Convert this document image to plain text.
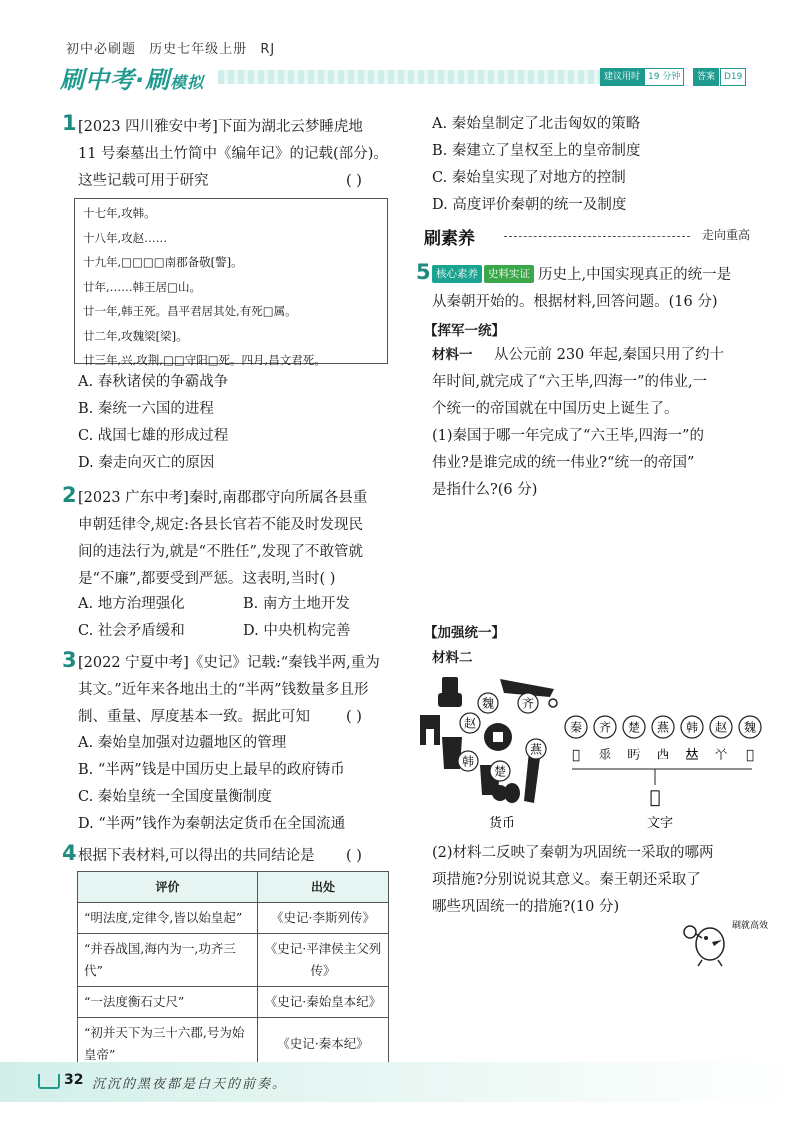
初中必刷题 历史七年级上册 RJ
刷中考·刷模拟	建议用时 19 分钟	答案 D19
1 [2023 四川雅安中考]下面为湖北云梦睡虎地
11 号秦墓出土竹简中《编年记》的记载(部分)。
这些记载可用于研究	( )
十七年,攻韩。
十八年,攻赵……
十九年,□□□□南郡备敬[警]。
廿年,……韩王居□山。
廿一年,韩王死。昌平君居其处,有死□属。
廿二年,攻魏梁[梁]。
廿三年,兴,攻荆,□□守阳□死。四月,昌文君死。
A. 春秋诸侯的争霸战争
B. 秦统一六国的进程
C. 战国七雄的形成过程
D. 秦走向灭亡的原因
2 [2023 广东中考]秦时,南郡郡守向所属各县重
申朝廷律令,规定:各县长官若不能及时发现民
间的违法行为,就是“不胜任”,发现了不敢管就
是“不廉”,都要受到严惩。这表明,当时( )
A. 地方治理强化	B. 南方土地开发
C. 社会矛盾缓和	D. 中央机构完善
3 [2022 宁夏中考]《史记》记载:“秦钱半两,重为
其文。”近年来各地出土的“半两”钱数量多且形
制、重量、厚度基本一致。据此可知 ( )
A. 秦始皇加强对边疆地区的管理
B. “半两”钱是中国历史上最早的政府铸币
C. 秦始皇统一全国度量衡制度
D. “半两”钱作为秦朝法定货币在全国流通
4 根据下表材料,可以得出的共同结论是 ( )
评价	出处
“明法度,定律令,皆以始皇起”	《史记·李斯列传》
“并吞战国,海内为一,功齐三代”	《史记·平津侯主父列传》
“一法度衡石丈尺”	《史记·秦始皇本纪》
“初并天下为三十六郡,号为始皇帝”	《史记·秦本纪》
A. 秦始皇制定了北击匈奴的策略
B. 秦建立了皇权至上的皇帝制度
C. 秦始皇实现了对地方的控制
D. 高度评价秦朝的统一及制度
刷素养	走向重高
5 核心素养 史料实证 历史上,中国实现真正的统一是
从秦朝开始的。根据材料,回答问题。(16 分)
【挥军一统】
材料一 从公元前 230 年起,秦国只用了约十
年时间,就完成了“六王毕,四海一”的伟业,一
个统一的帝国就在中国历史上诞生了。
(1)秦国于哪一年完成了“六王毕,四海一”的
伟业?是谁完成的统一伟业?“统一的帝国”
是指什么?(6 分)
【加强统一】
材料二
魏 齐
燕
楚
韩
赵	秦
𢍄
齐
𠂹
楚
𥃳
燕
𠁤
韩
𠀤
赵
𠁥
魏
𠁢
𢍄
货币	文字
(2)材料二反映了秦朝为巩固统一采取的哪两
项措施?分别说说其意义。秦王朝还采取了
哪些巩固统一的措施?(10 分)
刷就高效
32 沉沉的黑夜都是白天的前奏。
